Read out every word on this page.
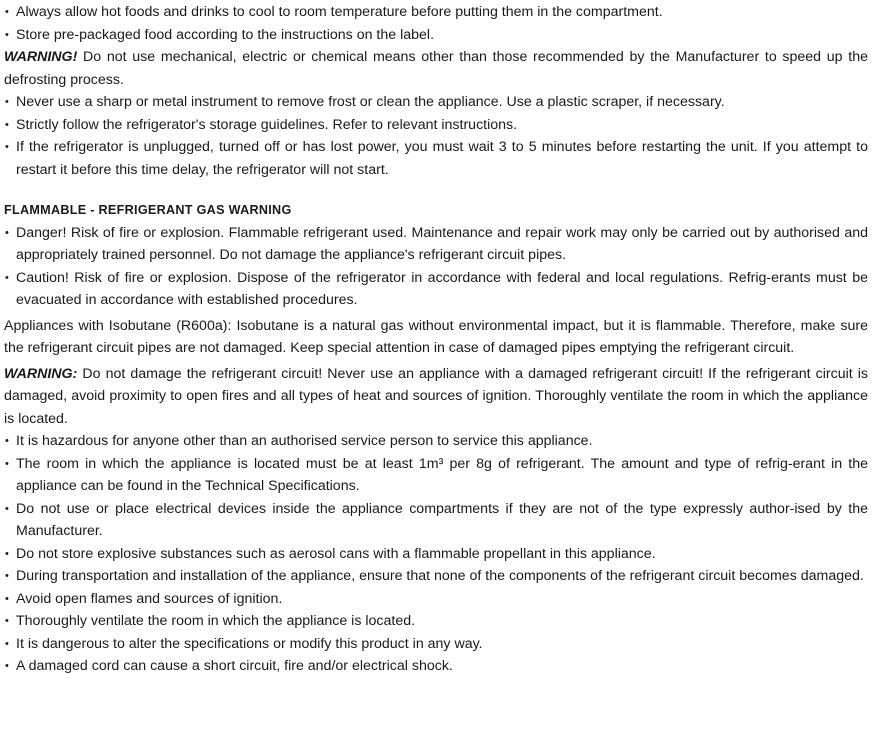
• Always allow hot foods and drinks to cool to room temperature before putting them in the compartment.

• Store pre-packaged food according to the instructions on the label.

WARNING! Do not use mechanical, electric or chemical means other than those recommended by the Manufacturer to speed up the defrosting process.

• Never use a sharp or metal instrument to remove frost or clean the appliance. Use a plastic scraper, if necessary.

• Strictly follow the refrigerator's storage guidelines. Refer to relevant instructions.

• If the refrigerator is unplugged, turned off or has lost power, you must wait 3 to 5 minutes before restarting the unit. If you attempt to restart it before this time delay, the refrigerator will not start.

FLAMMABLE - REFRIGERANT GAS WARNING

• Danger! Risk of fire or explosion. Flammable refrigerant used. Maintenance and repair work may only be carried out by authorised and appropriately trained personnel. Do not damage the appliance's refrigerant circuit pipes.

• Caution! Risk of fire or explosion. Dispose of the refrigerator in accordance with federal and local regulations. Refrig-erants must be evacuated in accordance with established procedures.

Appliances with Isobutane (R600a): Isobutane is a natural gas without environmental impact, but it is flammable. Therefore, make sure the refrigerant circuit pipes are not damaged. Keep special attention in case of damaged pipes emptying the refrigerant circuit.

WARNING: Do not damage the refrigerant circuit! Never use an appliance with a damaged refrigerant circuit! If the refrigerant circuit is damaged, avoid proximity to open fires and all types of heat and sources of ignition. Thoroughly ventilate the room in which the appliance is located.

• It is hazardous for anyone other than an authorised service person to service this appliance.

• The room in which the appliance is located must be at least 1m³ per 8g of refrigerant. The amount and type of refrig-erant in the appliance can be found in the Technical Specifications.

• Do not use or place electrical devices inside the appliance compartments if they are not of the type expressly author-ised by the Manufacturer.

• Do not store explosive substances such as aerosol cans with a flammable propellant in this appliance.

• During transportation and installation of the appliance, ensure that none of the components of the refrigerant circuit becomes damaged.

• Avoid open flames and sources of ignition.

• Thoroughly ventilate the room in which the appliance is located.

• It is dangerous to alter the specifications or modify this product in any way.

• A damaged cord can cause a short circuit, fire and/or electrical shock.
